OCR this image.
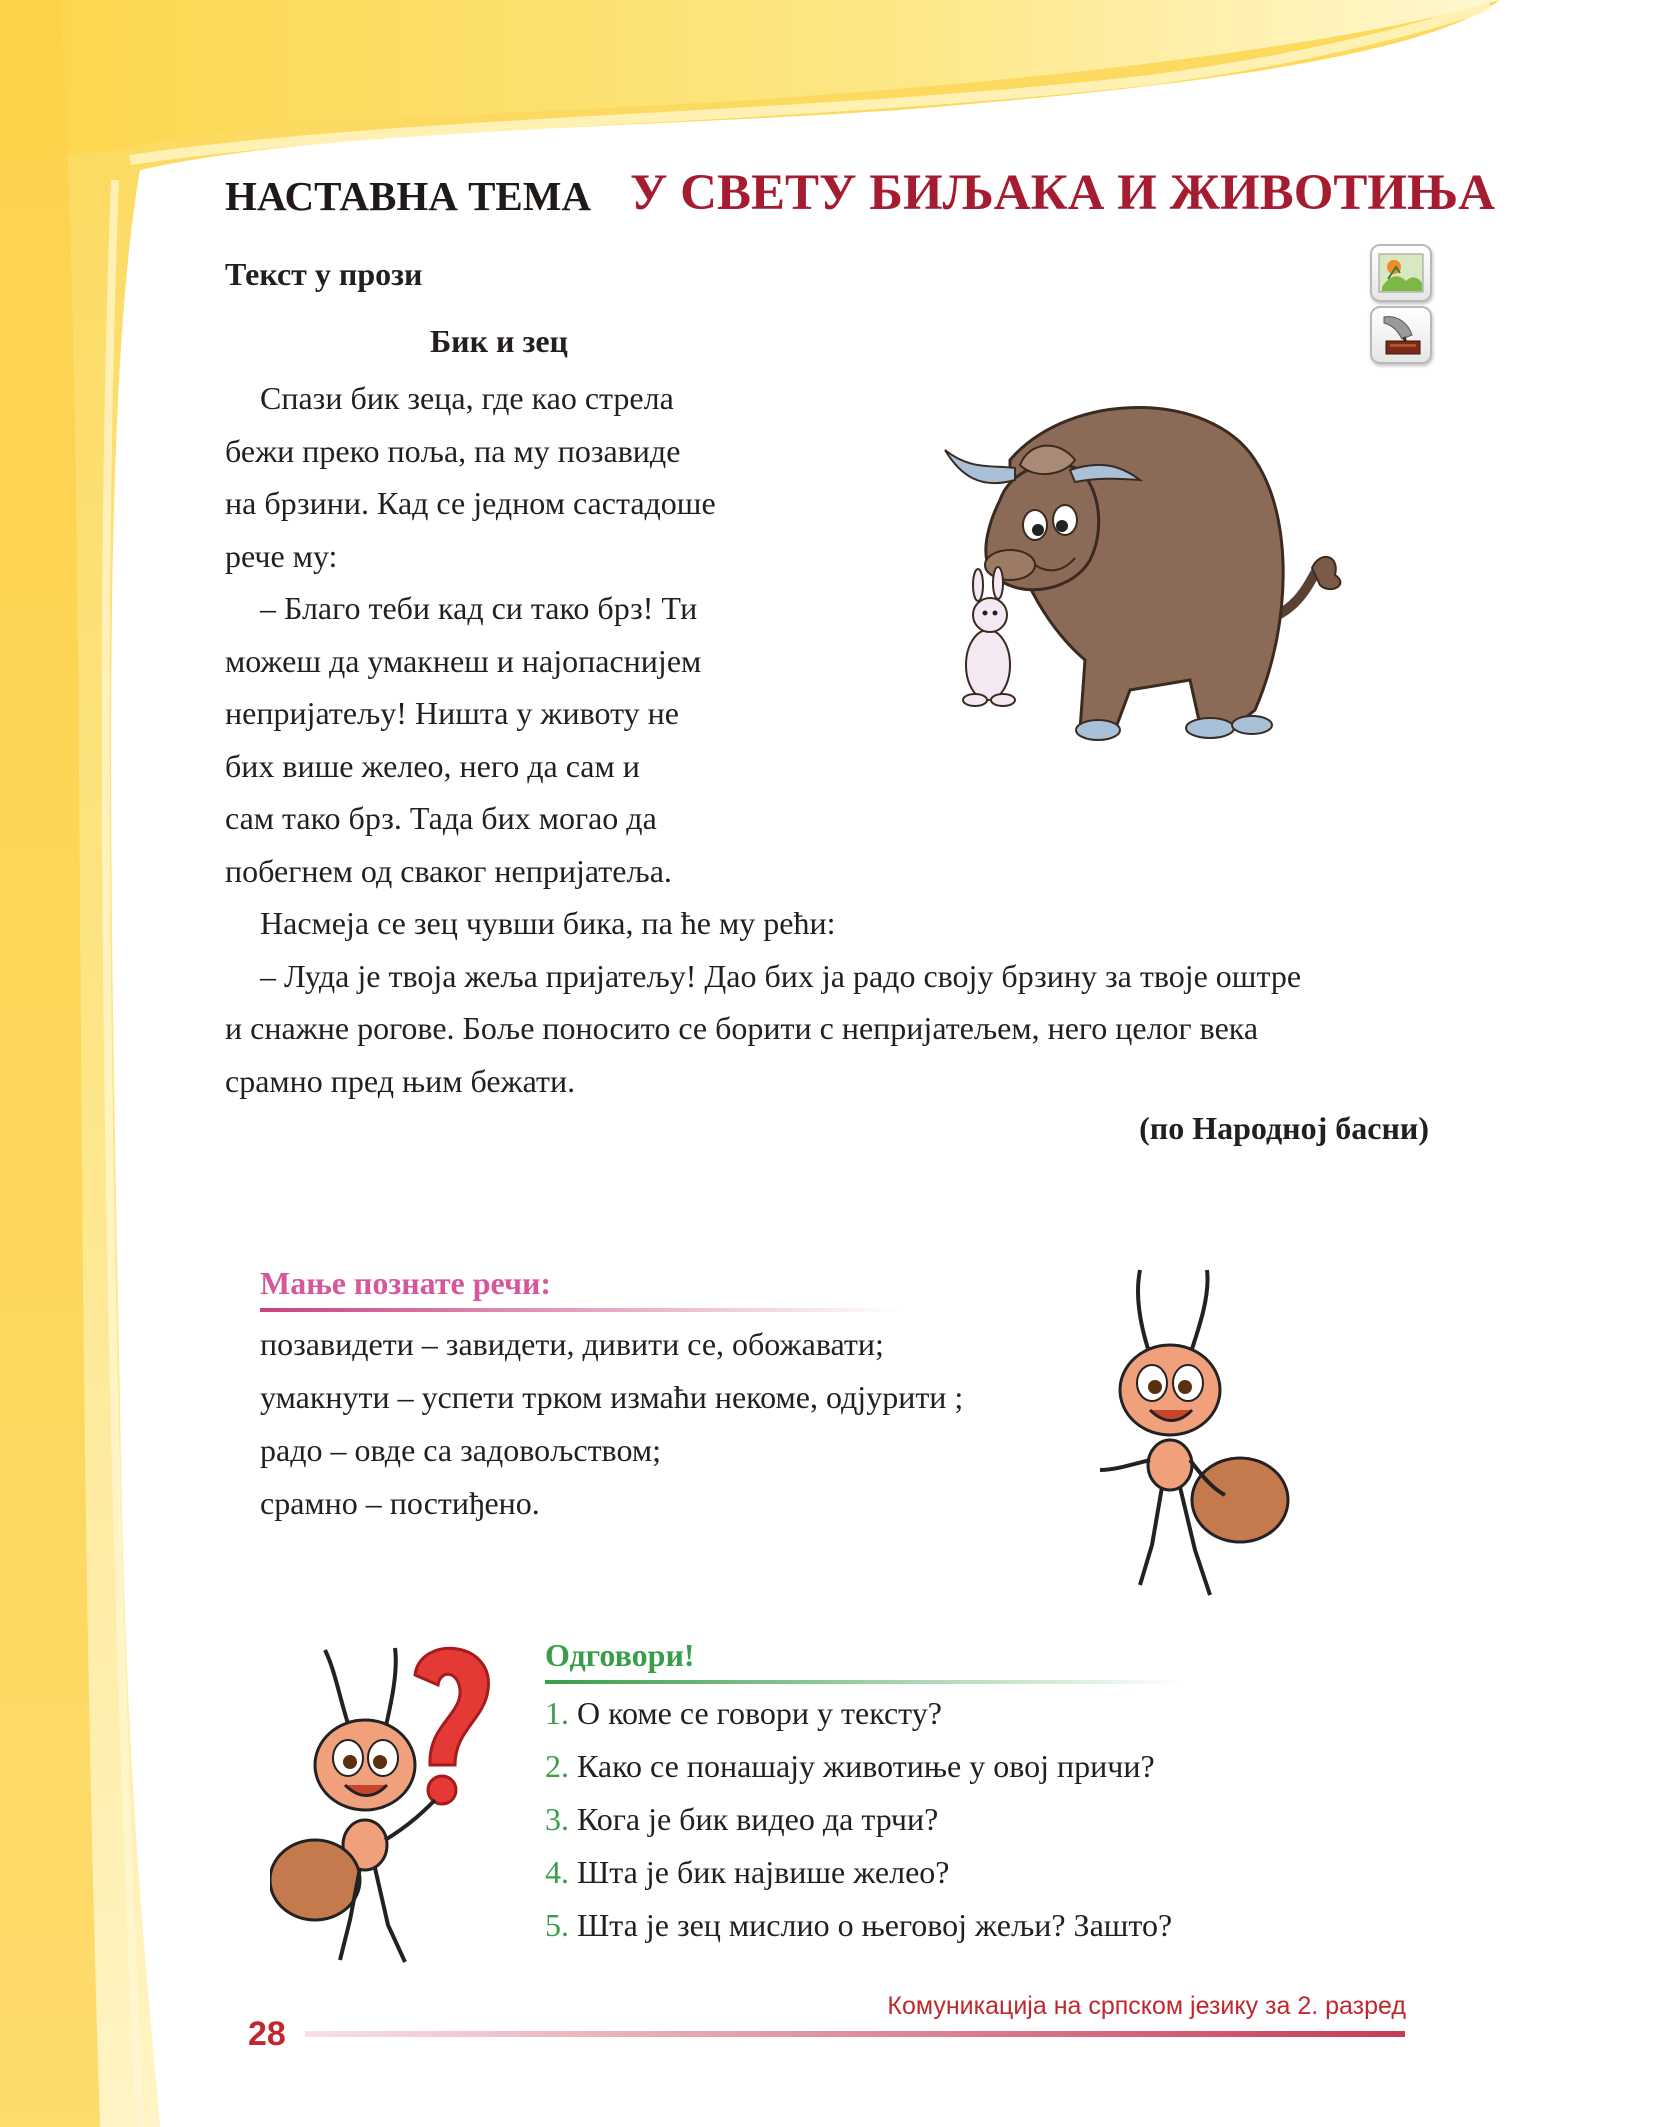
НАСТАВНА ТЕМА У СВЕТУ БИЉАКА И ЖИВОТИЊА
Текст у прози
Бик и зец

Спази бик зеца, где као стрела

бежи преко поља, па му позавиде

на брзини. Кад се једном састадоше

рече му:

– Благо теби кад си тако брз! Ти

можеш да умакнеш и најопаснијем

непријатељу! Ништа у животу не

бих више желео, него да сам и

сам тако брз. Тада бих могао да

побегнем од сваког непријатеља.

Насмеја се зец чувши бика, па ће му рећи:

– Луда је твоја жеља пријатељу! Дао бих ја радо своју брзину за твоје оштре

и снажне рогове. Боље поносито се борити с непријатељем, него целог века

срамно пред њим бежати.

(по Народној басни)
Мање познате речи:
позавидети – завидети, дивити се, обожавати;
умакнути – успети трком измаћи некоме, одјурити ;
радо – овде са задовољством;
срамно – постиђено.
Одговори!
1. О коме се говори у тексту?
2. Како се понашају животиње у овој причи?
3. Кога је бик видео да трчи?
4. Шта је бик највише желео?
5. Шта је зец мислио о његовој жељи? Зашто?
28
Комуникација на српском језику за 2. разред
